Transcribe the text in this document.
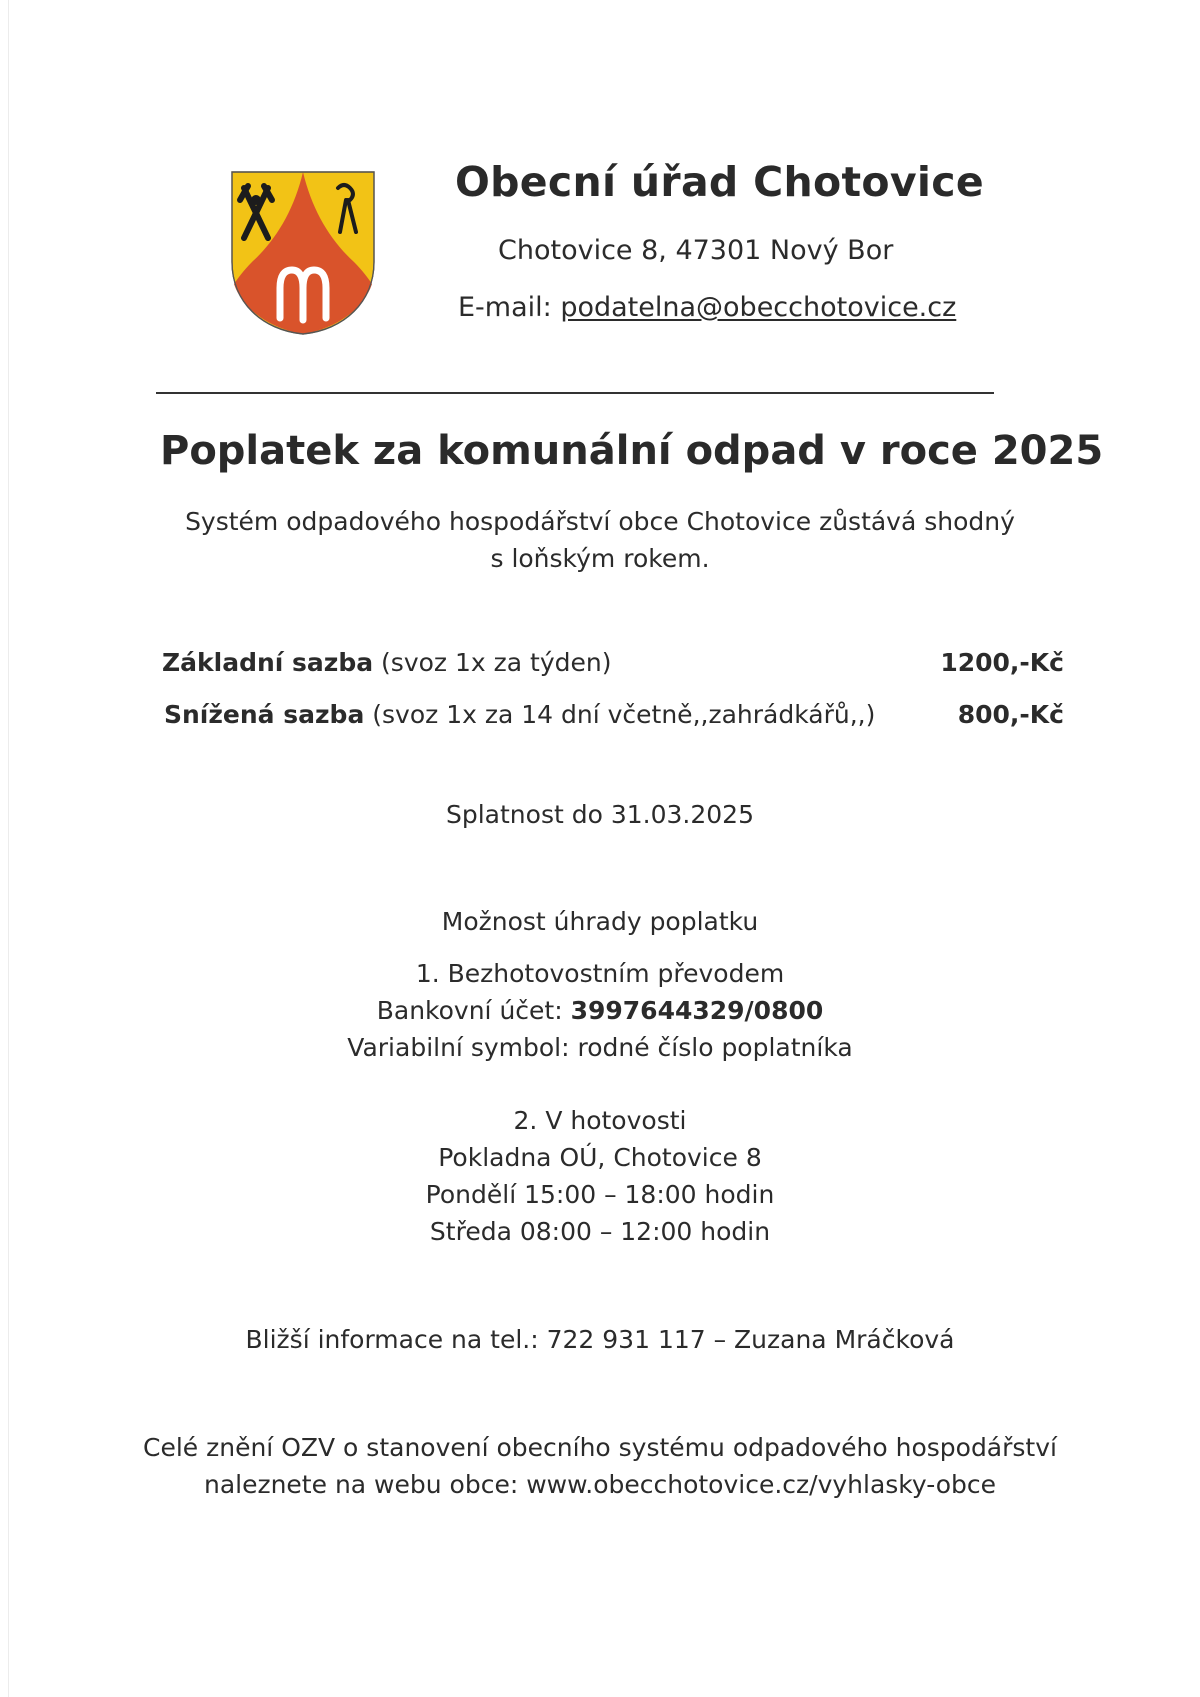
Obecní úřad Chotovice
Chotovice 8, 47301 Nový Bor
E-mail: podatelna@obecchotovice.cz
Poplatek za komunální odpad v roce 2025
Systém odpadového hospodářství obce Chotovice zůstává shodný
s loňským rokem.
Základní sazba (svoz 1x za týden)	1200,-Kč
Snížená sazba (svoz 1x za 14 dní včetně,,zahrádkářů,,)	800,-Kč
Splatnost do 31.03.2025
Možnost úhrady poplatku
1. Bezhotovostním převodem
Bankovní účet: 3997644329/0800
Variabilní symbol: rodné číslo poplatníka
2. V hotovosti
Pokladna OÚ, Chotovice 8
Pondělí 15:00 – 18:00 hodin
Středa 08:00 – 12:00 hodin
Bližší informace na tel.: 722 931 117 – Zuzana Mráčková
Celé znění OZV o stanovení obecního systému odpadového hospodářství
naleznete na webu obce: www.obecchotovice.cz/vyhlasky-obce
